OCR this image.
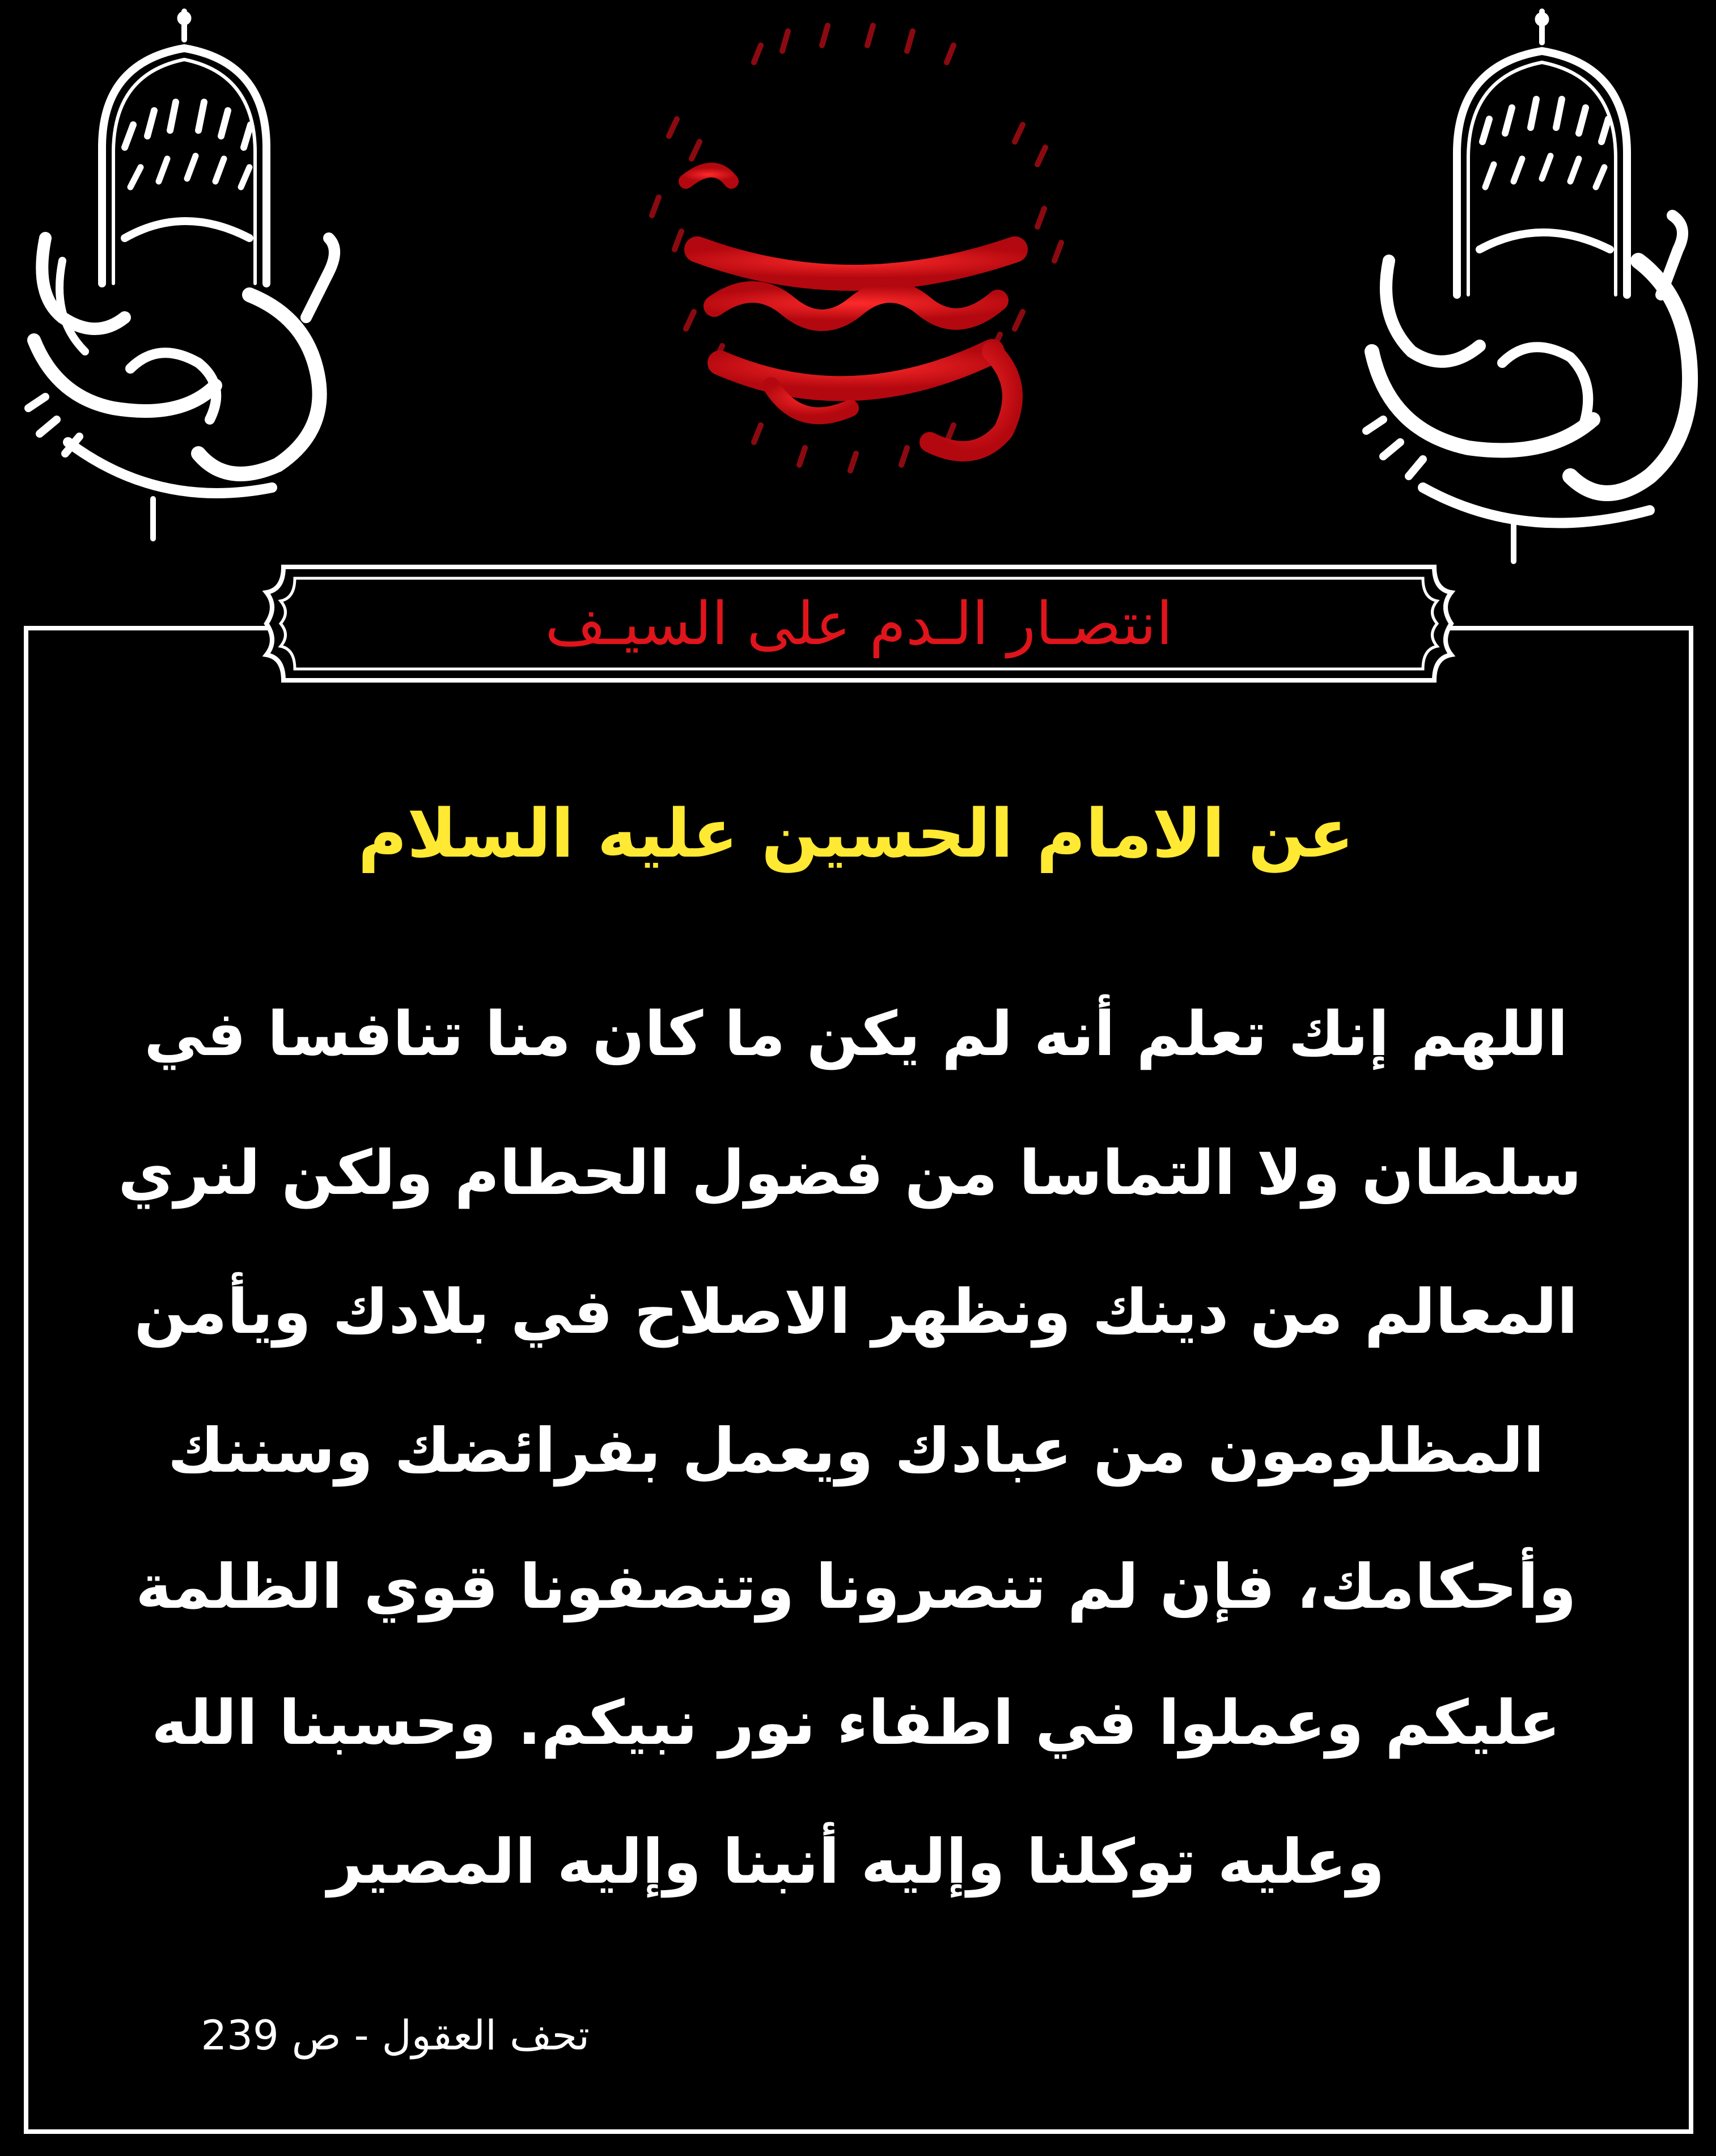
انتصـار الـدم على السيـف
عن الامام الحسين عليه السلام
اللهم إنك تعلم أنه لم يكن ما كان منا تنافسا في
سلطان ولا التماسا من فضول الحطام ولكن لنري
المعالم من دينك ونظهر الاصلاح في بلادك ويأمن
المظلومون من عبادك ويعمل بفرائضك وسننك
وأحكامك، فإن لم تنصرونا وتنصفونا قوي الظلمة
عليكم وعملوا في اطفاء نور نبيكم. وحسبنا الله
وعليه توكلنا وإليه أنبنا وإليه المصير
تحف العقول - ص 239
